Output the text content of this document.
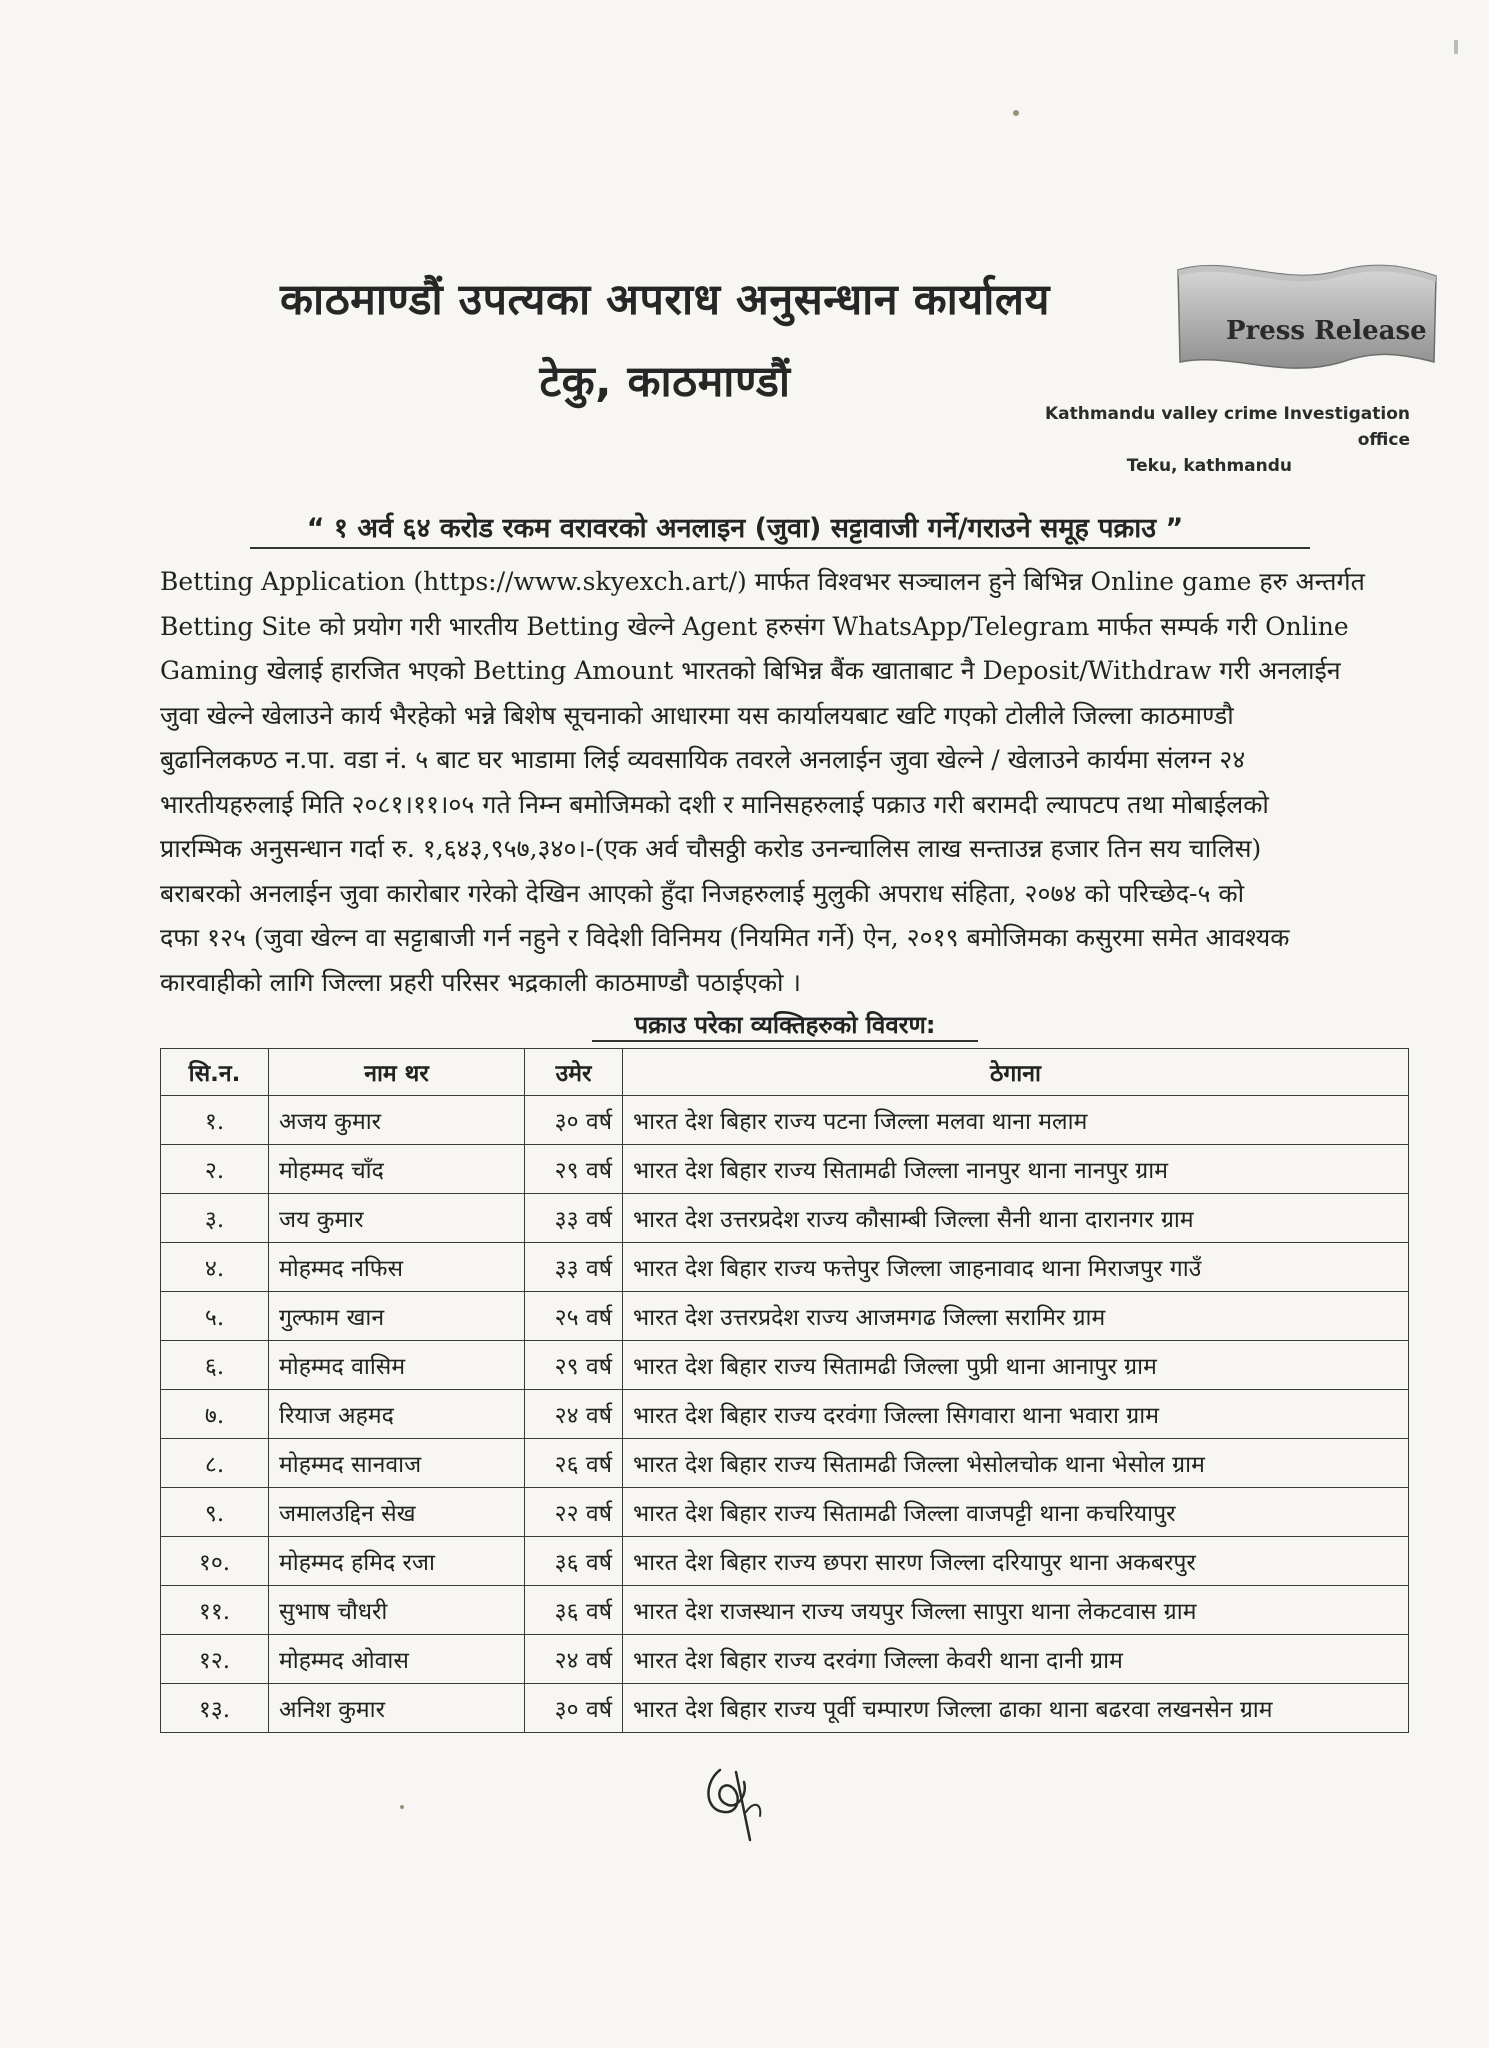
काठमाण्डौं उपत्यका अपराध अनुसन्धान कार्यालय
टेकु, काठमाण्डौं
Press Release
Kathmandu valley crime Investigation office
Teku, kathmandu
“ १ अर्व ६४ करोड रकम वरावरको अनलाइन (जुवा) सट्टावाजी गर्ने/गराउने समूह पक्राउ ”
Betting Application (https://www.skyexch.art/) मार्फत विश्वभर सञ्चालन हुने बिभिन्न Online game हरु अन्तर्गत
Betting Site को प्रयोग गरी भारतीय Betting खेल्ने Agent हरुसंग WhatsApp/Telegram मार्फत सम्पर्क गरी Online
Gaming खेलाई हारजित भएको Betting Amount भारतको बिभिन्न बैंक खाताबाट नै Deposit/Withdraw गरी अनलाईन
जुवा खेल्ने खेलाउने कार्य भैरहेको भन्ने बिशेष सूचनाको आधारमा यस कार्यालयबाट खटि गएको टोलीले जिल्ला काठमाण्डौ
बुढानिलकण्ठ न.पा. वडा नं. ५ बाट घर भाडामा लिई व्यवसायिक तवरले अनलाईन जुवा खेल्ने / खेलाउने कार्यमा संलग्न २४
भारतीयहरुलाई मिति २०८१।११।०५ गते निम्न बमोजिमको दशी र मानिसहरुलाई पक्राउ गरी बरामदी ल्यापटप तथा मोबाईलको
प्रारम्भिक अनुसन्धान गर्दा रु. १,६४३,९५७,३४०।-(एक अर्व चौसठ्ठी करोड उनन्चालिस लाख सन्ताउन्न हजार तिन सय चालिस)
बराबरको अनलाईन जुवा कारोबार गरेको देखिन आएको हुँदा निजहरुलाई मुलुकी अपराध संहिता, २०७४ को परिच्छेद-५ को
दफा १२५ (जुवा खेल्न वा सट्टाबाजी गर्न नहुने र विदेशी विनिमय (नियमित गर्ने) ऐन, २०१९ बमोजिमका कसुरमा समेत आवश्यक
कारवाहीको लागि जिल्ला प्रहरी परिसर भद्रकाली काठमाण्डौ पठाईएको ।
पक्राउ परेका व्यक्तिहरुको विवरण:
सि.न.	नाम थर	उमेर	ठेगाना
१.	अजय कुमार	३० वर्ष	भारत देश बिहार राज्य पटना जिल्ला मलवा थाना मलाम
२.	मोहम्मद चाँद	२९ वर्ष	भारत देश बिहार राज्य सितामढी जिल्ला नानपुर थाना नानपुर ग्राम
३.	जय कुमार	३३ वर्ष	भारत देश उत्तरप्रदेश राज्य कौसाम्बी जिल्ला सैनी थाना दारानगर ग्राम
४.	मोहम्मद नफिस	३३ वर्ष	भारत देश बिहार राज्य फत्तेपुर जिल्ला जाहनावाद थाना मिराजपुर गाउँ
५.	गुल्फाम खान	२५ वर्ष	भारत देश उत्तरप्रदेश राज्य आजमगढ जिल्ला सरामिर ग्राम
६.	मोहम्मद वासिम	२९ वर्ष	भारत देश बिहार राज्य सितामढी जिल्ला पुप्री थाना आनापुर ग्राम
७.	रियाज अहमद	२४ वर्ष	भारत देश बिहार राज्य दरवंगा जिल्ला सिगवारा थाना भवारा ग्राम
८.	मोहम्मद सानवाज	२६ वर्ष	भारत देश बिहार राज्य सितामढी जिल्ला भेसोलचोक थाना भेसोल ग्राम
९.	जमालउद्दिन सेख	२२ वर्ष	भारत देश बिहार राज्य सितामढी जिल्ला वाजपट्टी थाना कचरियापुर
१०.	मोहम्मद हमिद रजा	३६ वर्ष	भारत देश बिहार राज्य छपरा सारण जिल्ला दरियापुर थाना अकबरपुर
११.	सुभाष चौधरी	३६ वर्ष	भारत देश राजस्थान राज्य जयपुर जिल्ला सापुरा थाना लेकटवास ग्राम
१२.	मोहम्मद ओवास	२४ वर्ष	भारत देश बिहार राज्य दरवंगा जिल्ला केवरी थाना दानी ग्राम
१३.	अनिश कुमार	३० वर्ष	भारत देश बिहार राज्य पूर्वी चम्पारण जिल्ला ढाका थाना बढरवा लखनसेन ग्राम
